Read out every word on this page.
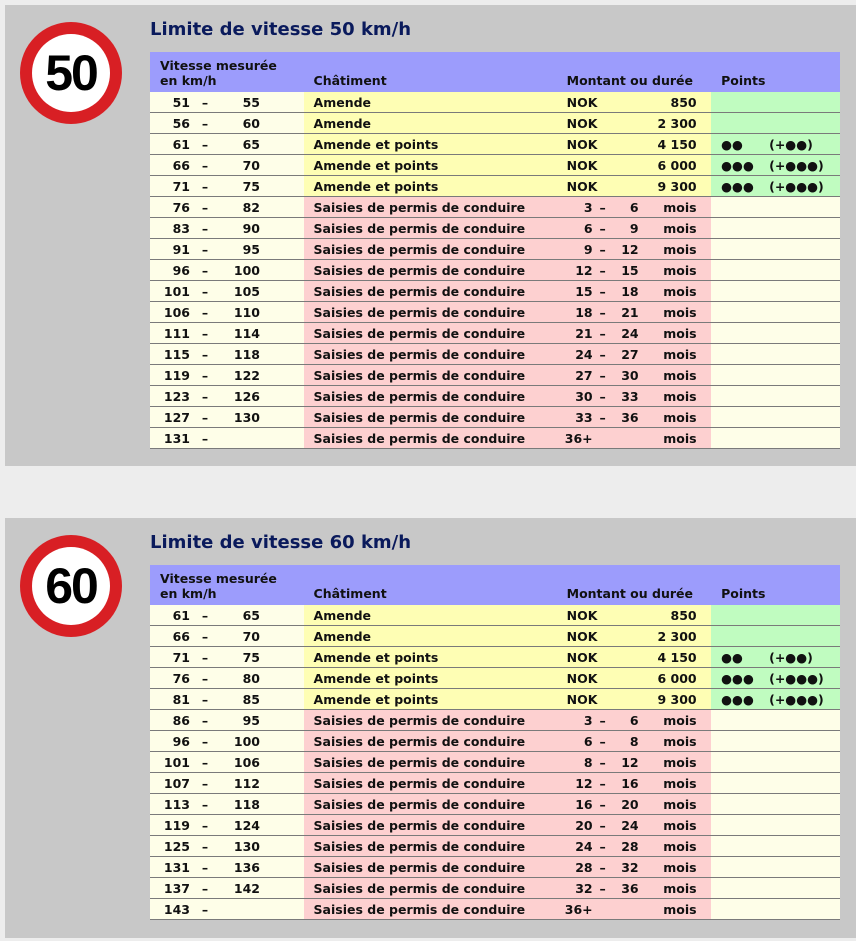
50
Limite de vitesse 50 km/h
Vitesse mesurée
en km/h	Châtiment	Montant ou durée	Points

51 – 55	Amende	NOK 850	

56 – 60	Amende	NOK 2 300	

61 – 65	Amende et points	NOK 4 150	●● (+●●)

66 – 70	Amende et points	NOK 6 000	●●● (+●●●)

71 – 75	Amende et points	NOK 9 300	●●● (+●●●)

76 – 82	Saisies de permis de conduire	3 – 6 mois	

83 – 90	Saisies de permis de conduire	6 – 9 mois	

91 – 95	Saisies de permis de conduire	9 – 12 mois	

96 – 100	Saisies de permis de conduire	12 – 15 mois	

101 – 105	Saisies de permis de conduire	15 – 18 mois	

106 – 110	Saisies de permis de conduire	18 – 21 mois	

111 – 114	Saisies de permis de conduire	21 – 24 mois	

115 – 118	Saisies de permis de conduire	24 – 27 mois	

119 – 122	Saisies de permis de conduire	27 – 30 mois	

123 – 126	Saisies de permis de conduire	30 – 33 mois	

127 – 130	Saisies de permis de conduire	33 – 36 mois	

131 –	Saisies de permis de conduire	36+ mois	

60
Limite de vitesse 60 km/h
Vitesse mesurée
en km/h	Châtiment	Montant ou durée	Points

61 – 65	Amende	NOK 850	

66 – 70	Amende	NOK 2 300	

71 – 75	Amende et points	NOK 4 150	●● (+●●)

76 – 80	Amende et points	NOK 6 000	●●● (+●●●)

81 – 85	Amende et points	NOK 9 300	●●● (+●●●)

86 – 95	Saisies de permis de conduire	3 – 6 mois	

96 – 100	Saisies de permis de conduire	6 – 8 mois	

101 – 106	Saisies de permis de conduire	8 – 12 mois	

107 – 112	Saisies de permis de conduire	12 – 16 mois	

113 – 118	Saisies de permis de conduire	16 – 20 mois	

119 – 124	Saisies de permis de conduire	20 – 24 mois	

125 – 130	Saisies de permis de conduire	24 – 28 mois	

131 – 136	Saisies de permis de conduire	28 – 32 mois	

137 – 142	Saisies de permis de conduire	32 – 36 mois	

143 –	Saisies de permis de conduire	36+ mois	
